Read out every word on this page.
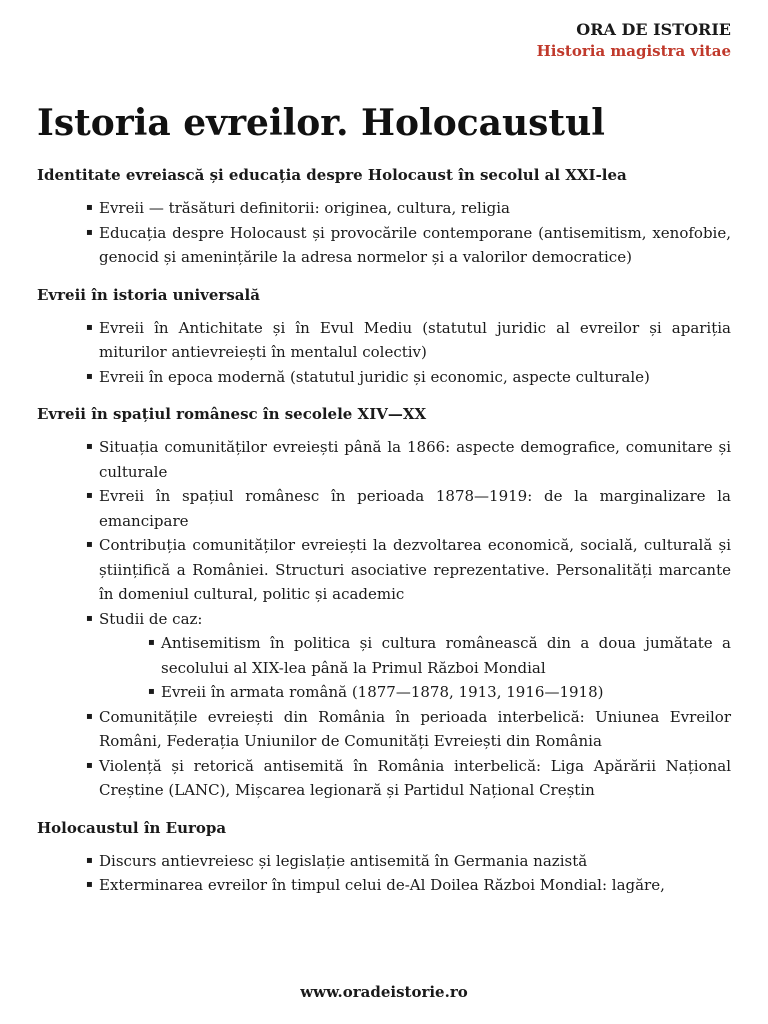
ORA DE ISTORIE
Historia magistra vitae
Istoria evreilor. Holocaustul
Identitate evreiască și educația despre Holocaust în secolul al XXI-lea
▪ Evreii — trăsături definitorii: originea, cultura, religia
▪ Educația despre Holocaust și provocările contemporane (antisemitism, xenofobie, genocid și amenințările la adresa normelor și a valorilor democratice)
Evreii în istoria universală
▪ Evreii în Antichitate și în Evul Mediu (statutul juridic al evreilor și apariția miturilor antievreiești în mentalul colectiv)
▪ Evreii în epoca modernă (statutul juridic și economic, aspecte culturale)
Evreii în spațiul românesc în secolele XIV—XX
▪ Situația comunităților evreiești până la 1866: aspecte demografice, comunitare și culturale
▪ Evreii în spațiul românesc în perioada 1878—1919: de la marginalizare la emancipare
▪ Contribuția comunităților evreiești la dezvoltarea economică, socială, culturală și științifică a României. Structuri asociative reprezentative. Personalități marcante în domeniul cultural, politic și academic
▪ Studii de caz:
▪ Antisemitism în politica și cultura românească din a doua jumătate a secolului al XIX-lea până la Primul Război Mondial
▪ Evreii în armata română (1877—1878, 1913, 1916—1918)
▪ Comunitățile evreiești din România în perioada interbelică: Uniunea Evreilor Români, Federația Uniunilor de Comunități Evreiești din România
▪ Violență și retorică antisemită în România interbelică: Liga Apărării Național Creștine (LANC), Mișcarea legionară și Partidul Național Creștin
Holocaustul în Europa
▪ Discurs antievreiesc și legislație antisemită în Germania nazistă
▪ Exterminarea evreilor în timpul celui de-Al Doilea Război Mondial: lagăre,
www.oradeistorie.ro
